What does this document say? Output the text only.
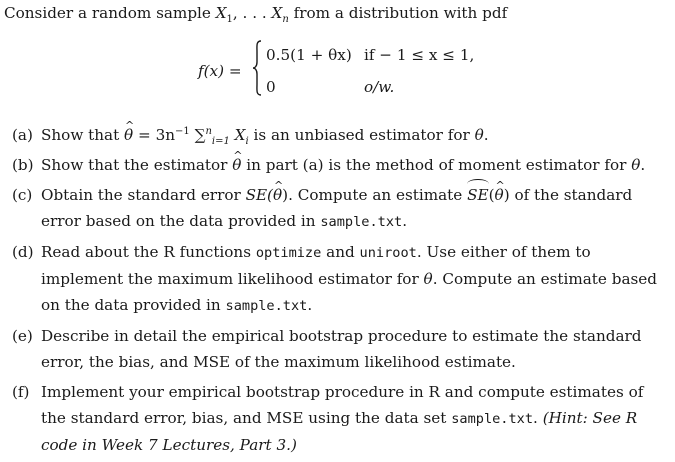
Consider a random sample $X_1$, . . . $X_n$ from a distribution with pdf
f(x) =
0.5(1 + θx) if − 1 ≤ x ≤ 1,
0	o/w.
(a) Show that ^ $\theta = 3n^{-1}$ ∑$^n_{i=1}$ $X_i$ is an unbiased estimator for θ.
(b) Show that the estimator ^ θ in part (a) is the method of moment estimator for θ.
(c) Obtain the standard error SE(^ θ). Compute an estimate SE(^ θ) of the standard error based on the data provided in sample.txt.
(d) Read about the R functions optimize and uniroot. Use either of them to implement the maximum likelihood estimator for θ. Compute an estimate based on the data provided in sample.txt.
(e) Describe in detail the empirical bootstrap procedure to estimate the standard error, the bias, and MSE of the maximum likelihood estimate.
(f) Implement your empirical bootstrap procedure in R and compute estimates of the standard error, bias, and MSE using the data set sample.txt. (Hint: See R code in Week 7 Lectures, Part 3.)
